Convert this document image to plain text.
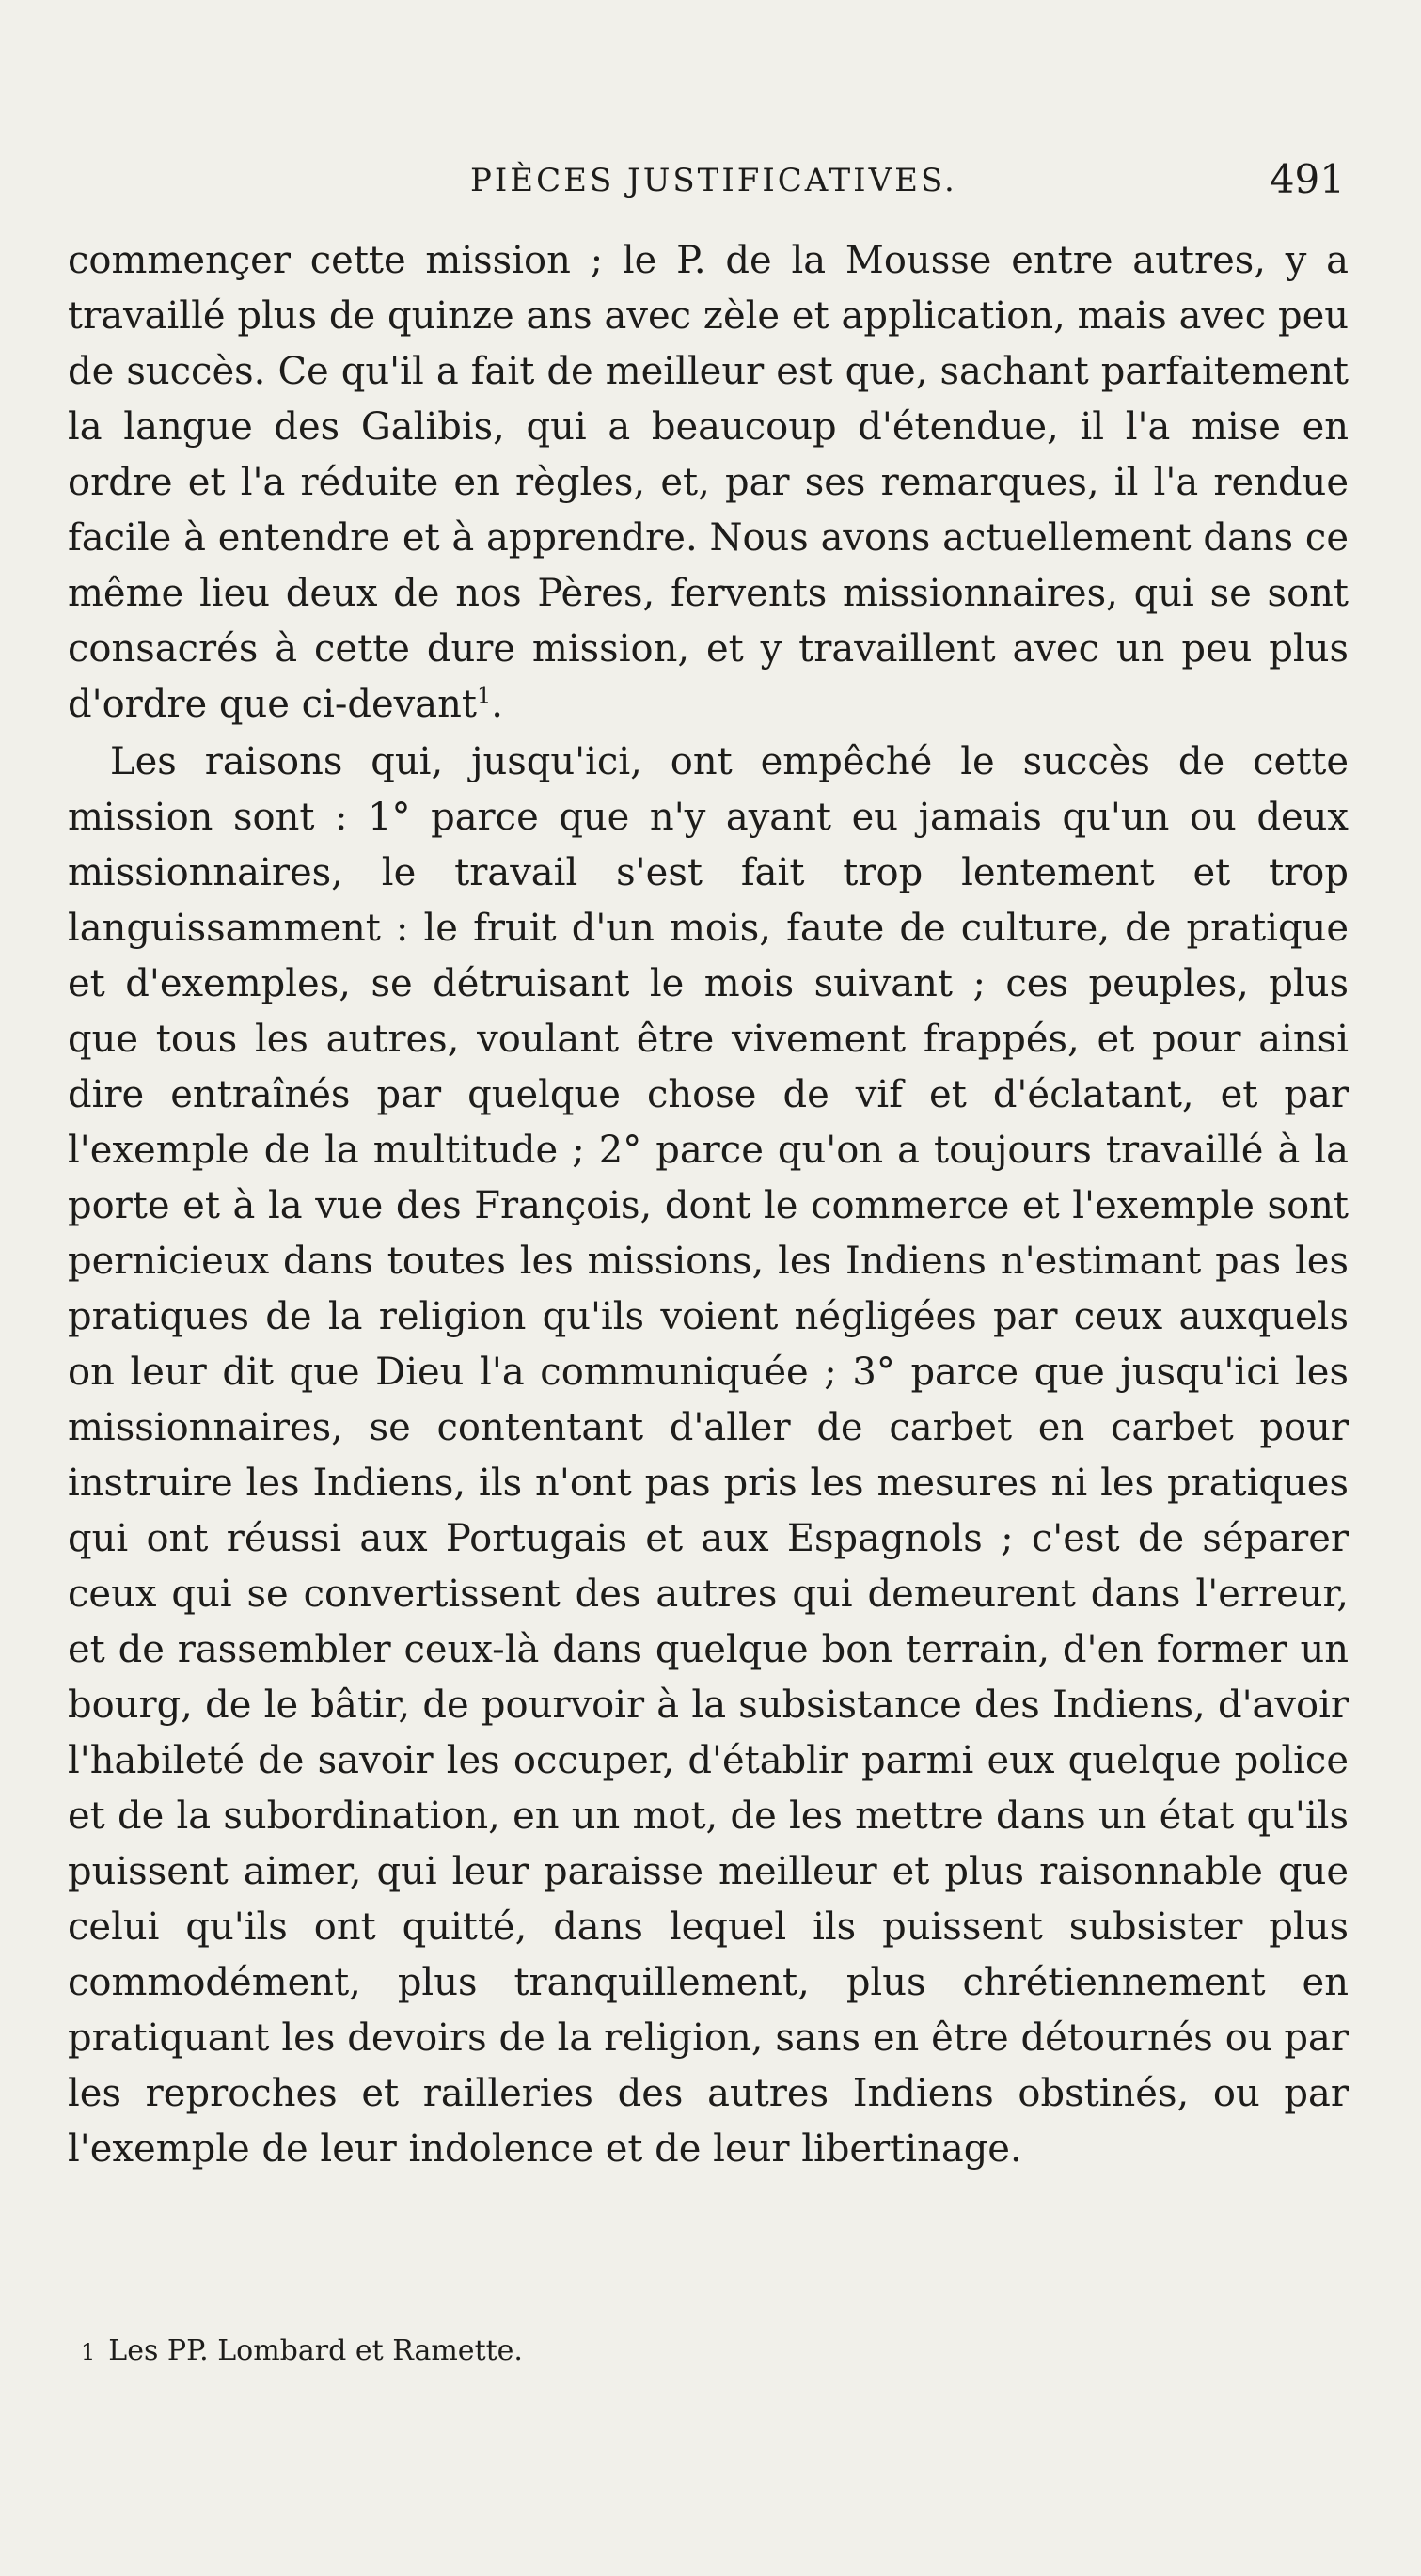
PIÈCES JUSTIFICATIVES.	491

commençer cette mission ; le P. de la Mousse entre autres, y a travaillé plus de quinze ans avec zèle et application, mais avec peu de succès. Ce qu'il a fait de meilleur est que, sachant parfaitement la langue des Galibis, qui a beaucoup d'étendue, il l'a mise en ordre et l'a réduite en règles, et, par ses remarques, il l'a rendue facile à entendre et à apprendre. Nous avons actuellement dans ce même lieu deux de nos Pères, fervents missionnaires, qui se sont consacrés à cette dure mission, et y travaillent avec un peu plus d'ordre que ci-devant$^1$.

Les raisons qui, jusqu'ici, ont empêché le succès de cette mission sont : 1° parce que n'y ayant eu jamais qu'un ou deux missionnaires, le travail s'est fait trop lentement et trop languissamment : le fruit d'un mois, faute de culture, de pratique et d'exemples, se détruisant le mois suivant ; ces peuples, plus que tous les autres, voulant être vivement frappés, et pour ainsi dire entraînés par quelque chose de vif et d'éclatant, et par l'exemple de la multitude ; 2° parce qu'on a toujours travaillé à la porte et à la vue des François, dont le commerce et l'exemple sont pernicieux dans toutes les missions, les Indiens n'estimant pas les pratiques de la religion qu'ils voient négligées par ceux auxquels on leur dit que Dieu l'a communiquée ; 3° parce que jusqu'ici les missionnaires, se contentant d'aller de carbet en carbet pour instruire les Indiens, ils n'ont pas pris les mesures ni les pratiques qui ont réussi aux Portugais et aux Espagnols ; c'est de séparer ceux qui se convertissent des autres qui demeurent dans l'erreur, et de rassembler ceux-là dans quelque bon terrain, d'en former un bourg, de le bâtir, de pourvoir à la subsistance des Indiens, d'avoir l'habileté de savoir les occuper, d'établir parmi eux quelque police et de la subordination, en un mot, de les mettre dans un état qu'ils puissent aimer, qui leur paraisse meilleur et plus raisonnable que celui qu'ils ont quitté, dans lequel ils puissent subsister plus commodément, plus tranquillement, plus chrétiennement en pratiquant les devoirs de la religion, sans en être détournés ou par les reproches et railleries des autres Indiens obstinés, ou par l'exemple de leur indolence et de leur libertinage.

1 Les PP. Lombard et Ramette.
